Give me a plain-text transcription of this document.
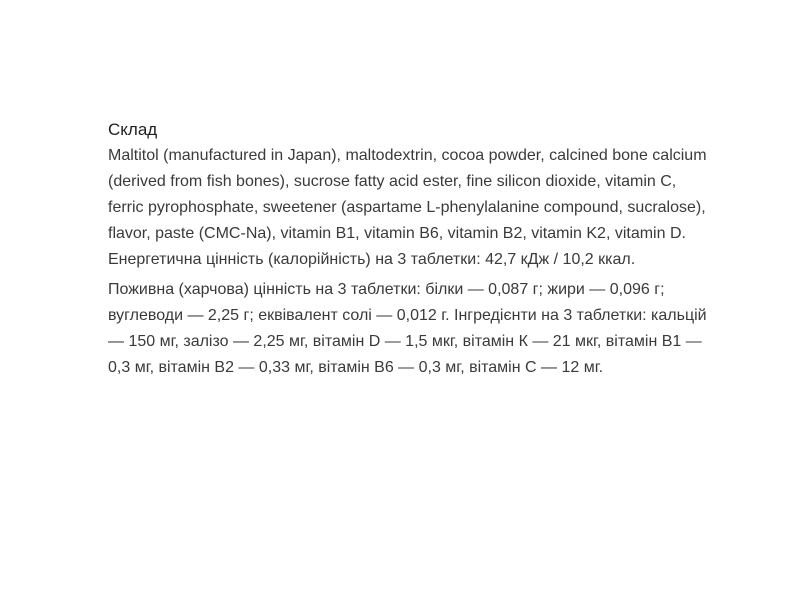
Склад

Maltitol (manufactured in Japan), maltodextrin, cocoa powder, calcined bone calcium (derived from fish bones), sucrose fatty acid ester, fine silicon dioxide, vitamin C, ferric pyrophosphate, sweetener (aspartame L-phenylalanine compound, sucralose), flavor, paste (CMC-Na), vitamin B1, vitamin B6, vitamin B2, vitamin K2, vitamin D.

Енергетична цінність (калорійність) на 3 таблетки: 42,7 кДж / 10,2 ккал.

Поживна (харчова) цінність на 3 таблетки: білки — 0,087 г; жири — 0,096 г; вуглеводи — 2,25 г; еквівалент солі — 0,012 г. Інгредієнти на 3 таблетки: кальцій — 150 мг, залізо — 2,25 мг, вітамін D — 1,5 мкг, вітамін К — 21 мкг, вітамін В1 — 0,3 мг, вітамін В2 — 0,33 мг, вітамін В6 — 0,3 мг, вітамін С — 12 мг.
